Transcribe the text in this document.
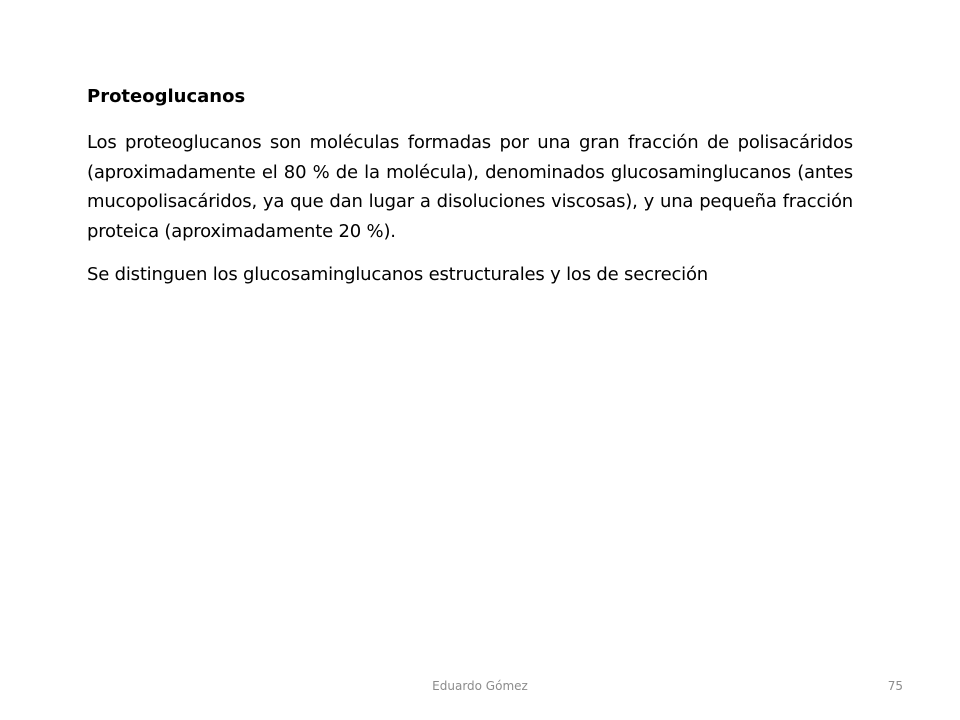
Proteoglucanos

Los proteoglucanos son moléculas formadas por una gran fracción de polisacáridos (aproximadamente el 80 % de la molécula), denominados glucosaminglucanos (antes mucopolisacáridos, ya que dan lugar a disoluciones viscosas), y una pequeña fracción proteica (aproximadamente 20 %).

Se distinguen los glucosaminglucanos estructurales y los de secreción

Eduardo Gómez	75
